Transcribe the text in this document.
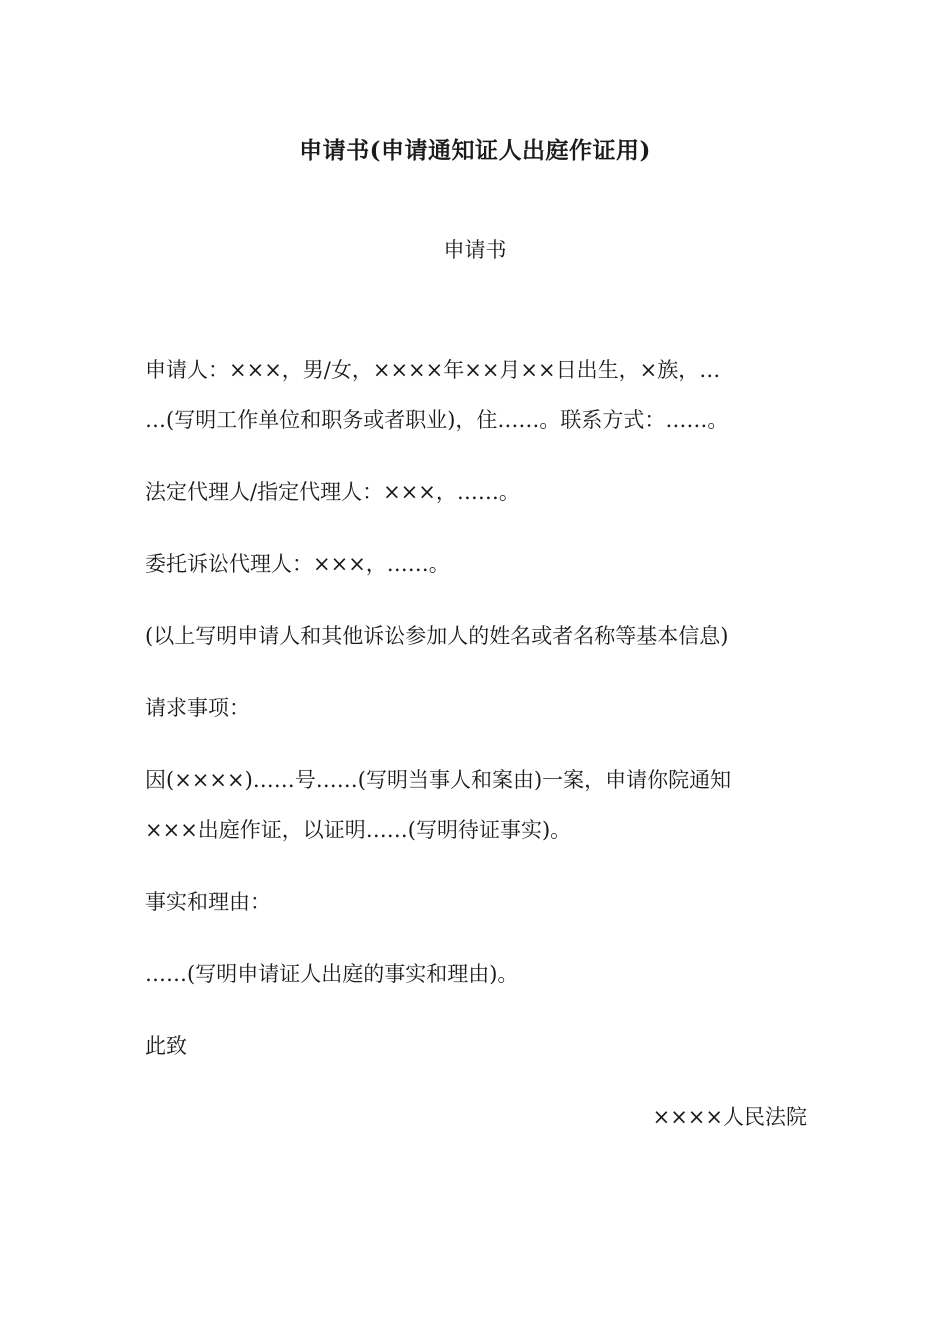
申请书(申请通知证人出庭作证用)
申请书
申请人：×××，男/女，××××年××月××日出生，×族，…
…(写明工作单位和职务或者职业)，住……。联系方式：……。
法定代理人/指定代理人：×××，……。
委托诉讼代理人：×××，……。
(以上写明申请人和其他诉讼参加人的姓名或者名称等基本信息)
请求事项：
因(××××)……号……(写明当事人和案由)一案，申请你院通知
×××出庭作证，以证明……(写明待证事实)。
事实和理由：
……(写明申请证人出庭的事实和理由)。
此致
××××人民法院
